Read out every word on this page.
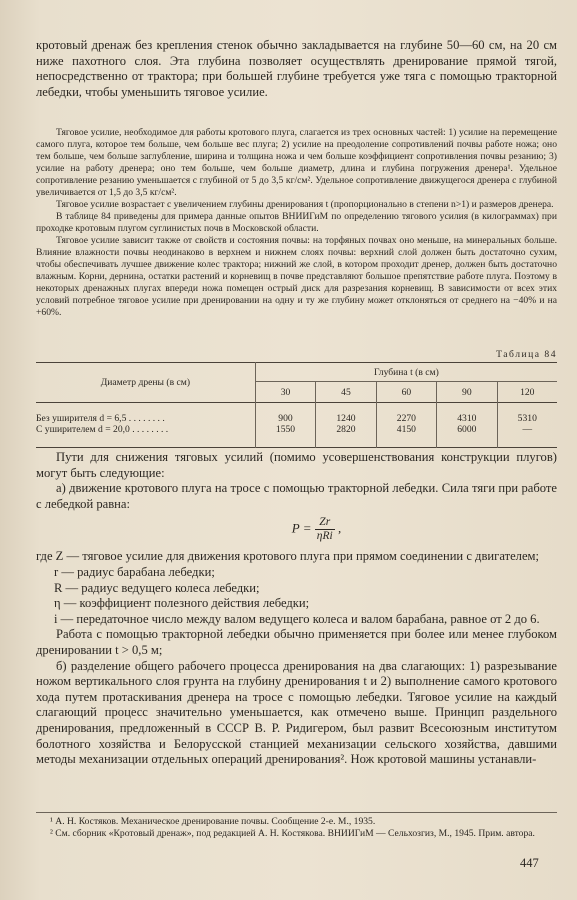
кротовый дренаж без крепления стенок обычно закладывается на глубине 50—60 см, на 20 см ниже пахотного слоя. Эта глубина позволяет осуществлять дренирование прямой тягой, непосредственно от трактора; при большей глубине требуется уже тяга с помощью тракторной лебедки, чтобы уменьшить тяговое усилие.

Тяговое усилие, необходимое для работы кротового плуга, слагается из трех основных частей: 1) усилие на перемещение самого плуга, которое тем больше, чем больше вес плуга; 2) усилие на преодоление сопротивлений почвы работе ножа; оно тем больше, чем больше заглубление, ширина и толщина ножа и чем больше коэффициент сопротивления почвы резанию; 3) усилие на работу дренера; оно тем больше, чем больше диаметр, длина и глубина погружения дренера¹. Удельное сопротивление резанию уменьшается с глубиной от 5 до 3,5 кг/см². Удельное сопротивление движущегося дренера с глубиной увеличивается от 1,5 до 3,5 кг/см².

Тяговое усилие возрастает с увеличением глубины дренирования t (пропорционально в степени n>1) и размеров дренера.

В таблице 84 приведены для примера данные опытов ВНИИГиМ по определению тягового усилия (в килограммах) при проходке кротовым плугом суглинистых почв в Московской области.

Тяговое усилие зависит также от свойств и состояния почвы: на торфяных почвах оно меньше, на минеральных больше. Влияние влажности почвы неодинаково в верхнем и нижнем слоях почвы: верхний слой должен быть достаточно сухим, чтобы обеспечивать лучшее движение колес трактора; нижний же слой, в котором проходит дренер, должен быть достаточно влажным. Корни, дернина, остатки растений и корневищ в почве представляют большое препятствие работе плуга. Поэтому в некоторых дренажных плугах впереди ножа помещен острый диск для разрезания корневищ. В зависимости от всех этих условий потребное тяговое усилие при дренировании на одну и ту же глубину может отклоняться от среднего на −40% и на +60%.

Таблица 84
Диаметр дрены (в см)	Глубина t (в см)				
	30	45	60	90	120
Без уширителя d = 6,5 . . . . . . . .	900	1240	2270	4310	5310
С уширителем d = 20,0 . . . . . . . .	1550	2820	4150	6000	—

Пути для снижения тяговых усилий (помимо усовершенствования конструкции плугов) могут быть следующие:

а) движение кротового плуга на тросе с помощью тракторной лебедки. Сила тяги при работе с лебедкой равна:

$P = \frac{Zr}{\text{ηRi}}$ ,

где Z — тяговое усилие для движения кротового плуга при прямом соединении с двигателем;

r — радиус барабана лебедки;

R — радиус ведущего колеса лебедки;

η — коэффициент полезного действия лебедки;

i — передаточное число между валом ведущего колеса и валом барабана, равное от 2 до 6.

Работа с помощью тракторной лебедки обычно применяется при более или менее глубоком дренировании t > 0,5 м;

б) разделение общего рабочего процесса дренирования на два слагающих: 1) разрезывание ножом вертикального слоя грунта на глубину дренирования t и 2) выполнение самого кротового хода путем протаскивания дренера на тросе с помощью лебедки. Тяговое усилие на каждый слагающий процесс значительно уменьшается, как отмечено выше. Принцип раздельного дренирования, предложенный в СССР В. Р. Ридигером, был развит Всесоюзным институтом болотного хозяйства и Белорусской станцией механизации сельского хозяйства, давшими методы механизации отдельных операций дренирования². Нож кротовой машины устанавли-

¹ А. Н. Костяков. Механическое дренирование почвы. Сообщение 2-е. М., 1935.

² См. сборник «Кротовый дренаж», под редакцией А. Н. Костякова. ВНИИГиМ — Сельхозгиз, М., 1945. Прим. автора.

447
